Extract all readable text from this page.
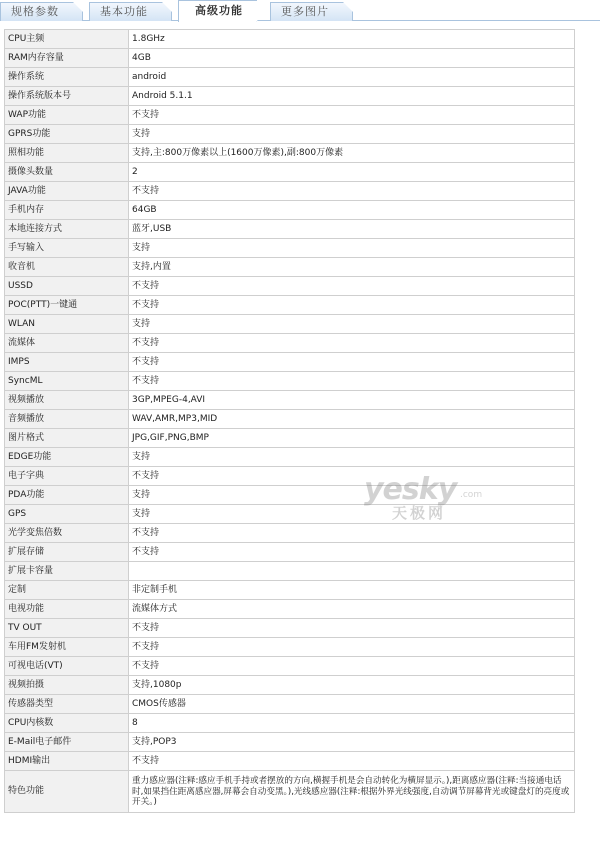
规格参数	基本功能	高级功能	更多图片
CPU主频	1.8GHz
RAM内存容量	4GB
操作系统	android
操作系统版本号	Android 5.1.1
WAP功能	不支持
GPRS功能	支持
照相功能	支持,主:800万像素以上(1600万像素),副:800万像素
摄像头数量	2
JAVA功能	不支持
手机内存	64GB
本地连接方式	蓝牙,USB
手写输入	支持
收音机	支持,内置
USSD	不支持
POC(PTT)一键通	不支持
WLAN	支持
流媒体	不支持
IMPS	不支持
SyncML	不支持
视频播放	3GP,MPEG-4,AVI
音频播放	WAV,AMR,MP3,MID
图片格式	JPG,GIF,PNG,BMP
EDGE功能	支持
电子字典	不支持
PDA功能	支持
GPS	支持
光学变焦倍数	不支持
扩展存储	不支持
扩展卡容量	
定制	非定制手机
电视功能	流媒体方式
TV OUT	不支持
车用FM发射机	不支持
可视电话(VT)	不支持
视频拍摄	支持,1080p
传感器类型	CMOS传感器
CPU内核数	8
E-Mail电子邮件	支持,POP3
HDMI输出	不支持
特色功能	重力感应器(注释:感应手机手持或者摆放的方向,横握手机是会自动转化为横屏显示。),距离感应器(注释:当接通电话时,如果挡住距离感应器,屏幕会自动变黑。),光线感应器(注释:根据外界光线强度,自动调节屏幕背光或键盘灯的亮度或开关。)
yesky .com
天极网
